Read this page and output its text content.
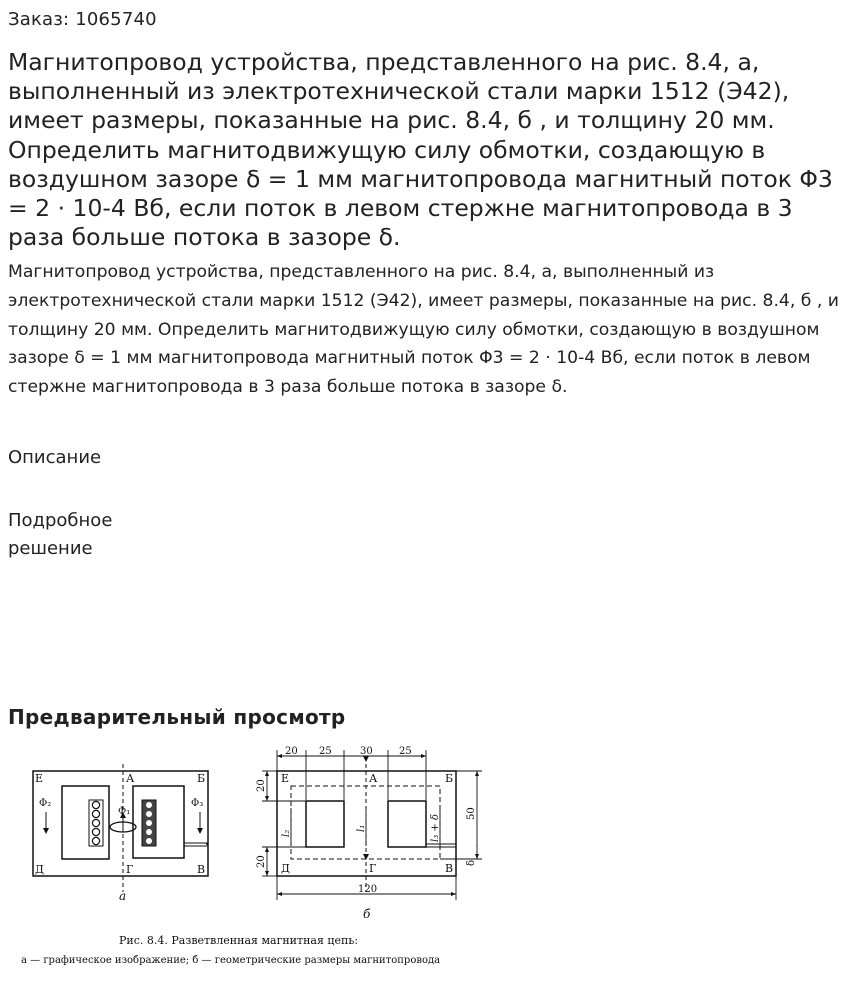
Заказ: 1065740
Магнитопровод устройства, представленного на рис. 8.4, а, выполненный из электротехнической стали марки 1512 (Э42), имеет размеры, показанные на рис. 8.4, б , и толщину 20 мм. Определить магнитодвижущую силу обмотки, создающую в воздушном зазоре δ = 1 мм магнитопровода магнитный поток Φ3 = 2 · 10-4 Вб, если поток в левом стержне магнитопровода в 3 раза больше потока в зазоре δ.

Магнитопровод устройства, представленного на рис. 8.4, а, выполненный из электротехнической стали марки 1512 (Э42), имеет размеры, показанные на рис. 8.4, б , и толщину 20 мм. Определить магнитодвижущую силу обмотки, создающую в воздушном зазоре δ = 1 мм магнитопровода магнитный поток Φ3 = 2 · 10-4 Вб, если поток в левом стержне магнитопровода в 3 раза больше потока в зазоре δ.

Описание
Подробное решение
Предварительный просмотр
Е	А	Б
Д	Г	В
Φ₂
Φ₁
Φ₃
а
20 25	30	25
20
20
50
δ
120
l₂
l₁	l₃ + δ
Е	А	Б
Д	Г	В
б
Рис. 8.4. Разветвленная магнитная цепь:
а — графическое изображение; б — геометрические размеры магнитопровода
